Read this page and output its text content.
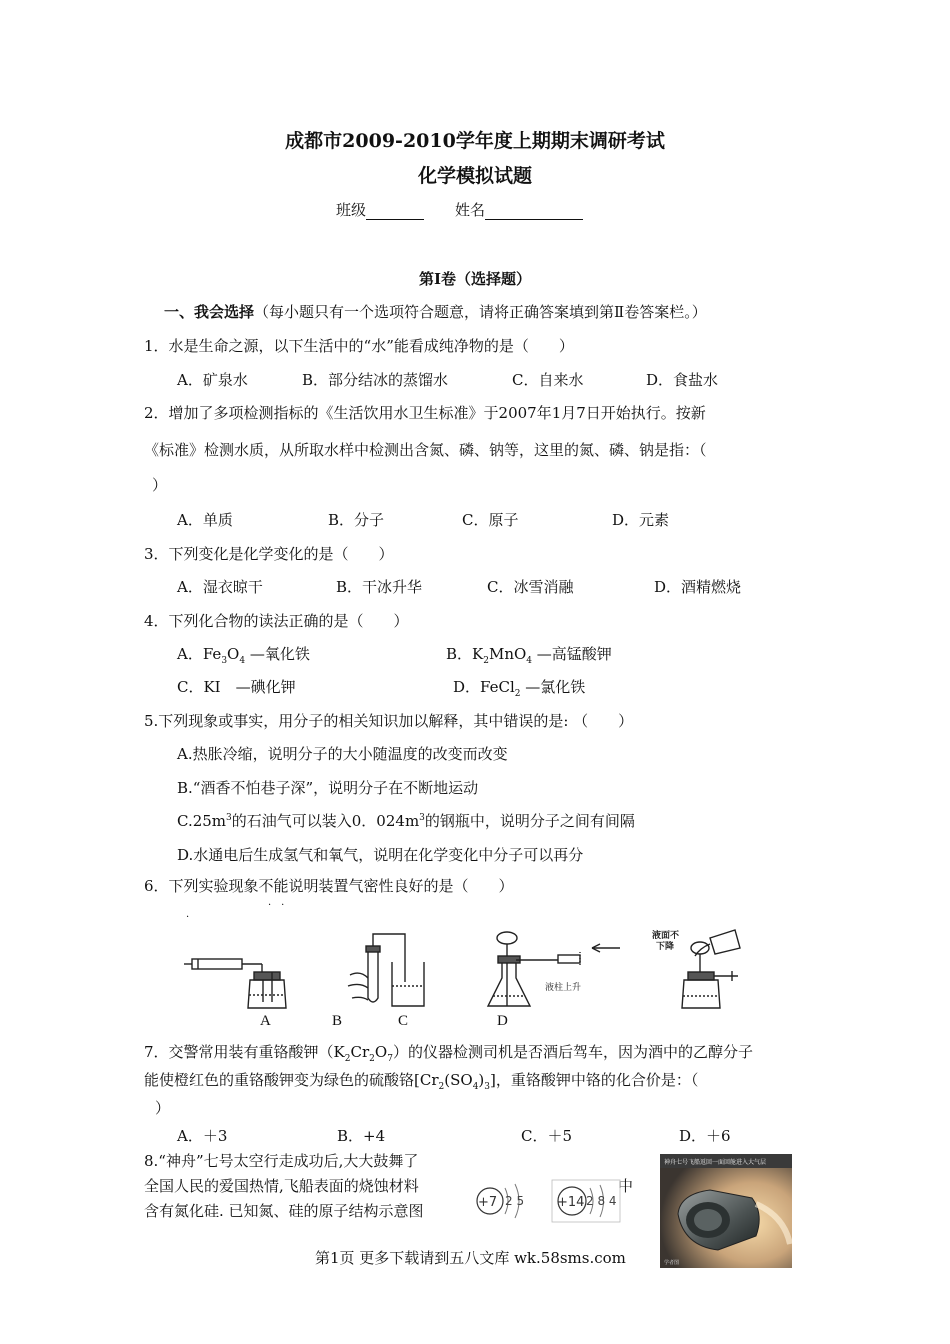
成都市2009-2010学年度上期期末调研考试
化学模拟试题
班级	姓名
第Ⅰ卷（选择题）
一、我会选择（每小题只有一个选项符合题意，请将正确答案填到第Ⅱ卷答案栏。）
1．水是生命之源，以下生活中的“水”能看成纯净物的是（　　）
A．矿泉水	B．部分结冰的蒸馏水	C．自来水	D．食盐水
2．增加了多项检测指标的《生活饮用水卫生标准》于2007年1月7日开始执行。按新
《标准》检测水质，从所取水样中检测出含氮、磷、钠等，这里的氮、磷、钠是指：（
）
A．单质	B．分子	C．原子	D．元素
3．下列变化是化学变化的是（　　）
A．湿衣晾干	B．干冰升华	C．冰雪消融	D．酒精燃烧
4．下列化合物的读法正确的是（　　）
A．$Fe_3O_4$ —氧化铁	B．$K_2MnO_4$ —高锰酸钾
C．KI　—碘化钾	D．FeCl$_2$ —氯化铁
5.下列现象或事实，用分子的相关知识加以解释，其中错误的是: （　　）
A.热胀冷缩，说明分子的大小随温度的改变而改变
B.“酒香不怕巷子深”，说明分子在不断地运动
$C.25m^3$的石油气可以装入0．$024m^3$的钢瓶中，说明分子之间有间隔
D.水通电后生成氢气和氧气，说明在化学变化中分子可以再分
6．下列实验现象不能说明装置气密性良好的是（　　）
·　·
·
液柱上升
液面不
下降
A	B	C	D
7．交警常用装有重铬酸钾$(K_2Cr_2O_7)$的仪器检测司机是否酒后驾车，因为酒中的乙醇分子
能使橙红色的重铬酸钾变为绿色的硫酸铬$[Cr_2(SO_4)_3]$，重铬酸钾中铬的化合价是：（
）
A．＋3	B．+4	C．＋5	D．＋6
8.“神舟”七号太空行走成功后,大大鼓舞了
全国人民的爱国热情,飞船表面的烧蚀材料
含有氮化硅. 已知氮、硅的原子结构示意图
中
+7 2 5	+14 2 8 4
神舟七号飞船返回一面回舱进入大气层
学者图
第1页 更多下载请到五八文库 wk.58sms.com
